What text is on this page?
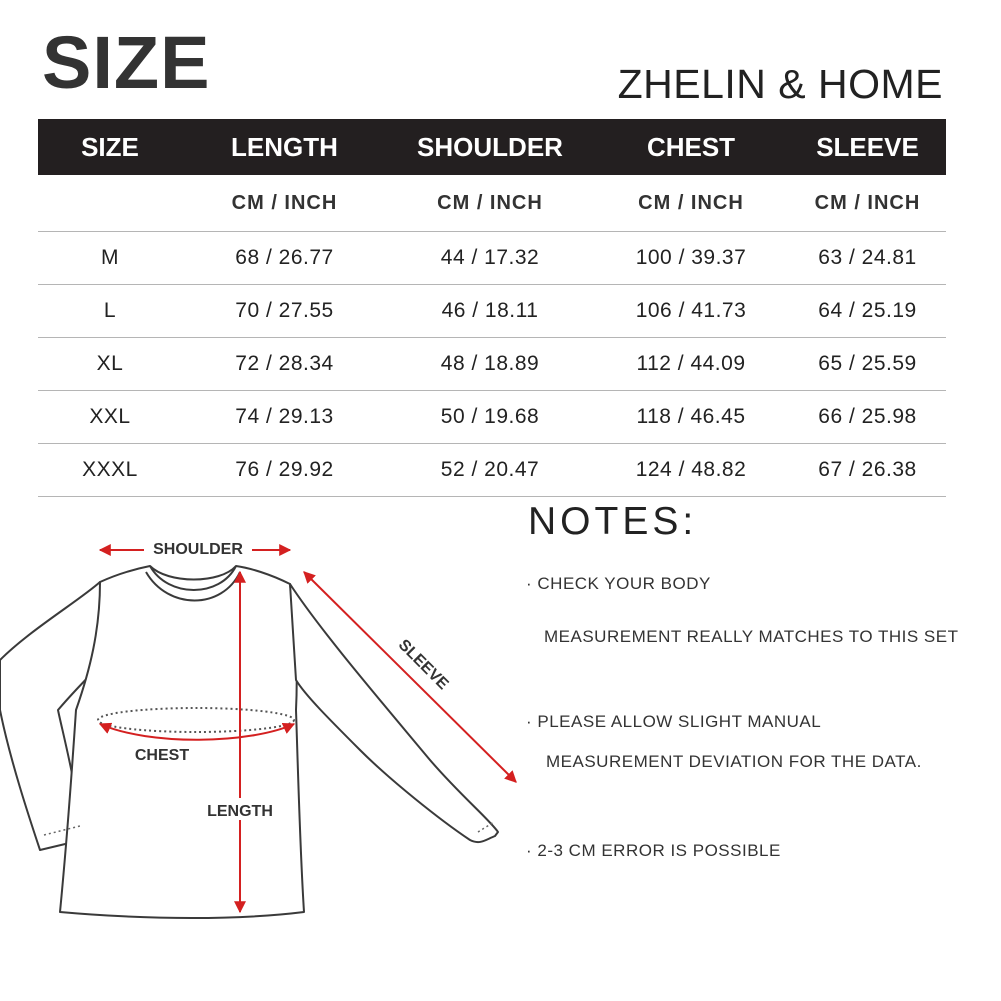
SIZE	ZHELIN & HOME
SIZE	LENGTH	SHOULDER	CHEST	SLEEVE
	CM / INCH	CM / INCH	CM / INCH	CM / INCH
M	68 / 26.77	44 / 17.32	100 / 39.37	63 / 24.81
L	70 / 27.55	46 / 18.11	106 / 41.73	64 / 25.19
XL	72 / 28.34	48 / 18.89	112 / 44.09	65 / 25.59
XXL	74 / 29.13	50 / 19.68	118 / 46.45	66 / 25.98
XXXL	76 / 29.92	52 / 20.47	124 / 48.82	67 / 26.38
SHOULDER
SLEEVE
CHEST
LENGTH
NOTES:
· CHECK YOUR BODY
MEASUREMENT REALLY MATCHES TO THIS SET
· PLEASE ALLOW SLIGHT MANUAL
MEASUREMENT DEVIATION FOR THE DATA.
· 2-3 CM ERROR IS POSSIBLE
